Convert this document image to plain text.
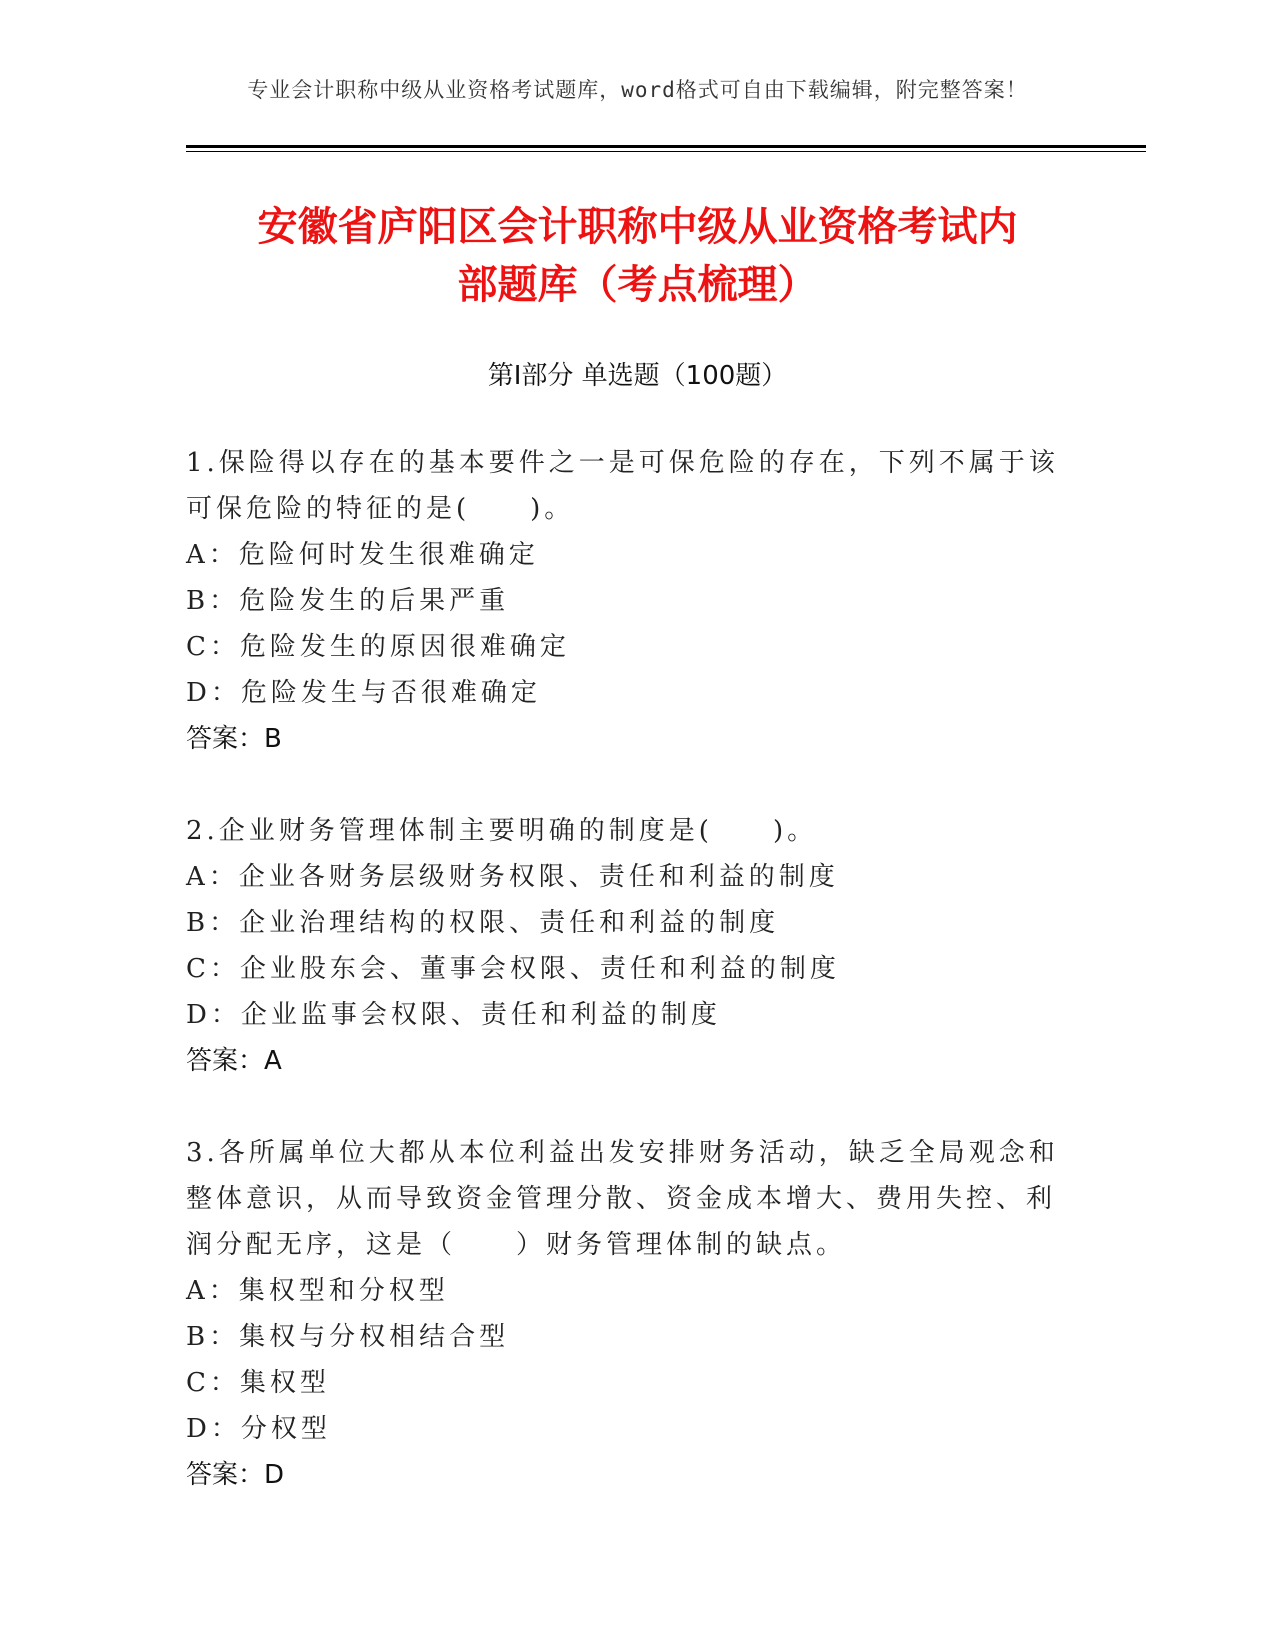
专业会计职称中级从业资格考试题库，word格式可自由下载编辑，附完整答案！
安徽省庐阳区会计职称中级从业资格考试内
部题库（考点梳理）
第Ⅰ部分 单选题（100题）
1.保险得以存在的基本要件之一是可保危险的存在，下列不属于该可保危险的特征的是(　　)。
A：危险何时发生很难确定
B：危险发生的后果严重
C：危险发生的原因很难确定
D：危险发生与否很难确定
答案：B
2.企业财务管理体制主要明确的制度是(　　)。
A：企业各财务层级财务权限、责任和利益的制度
B：企业治理结构的权限、责任和利益的制度
C：企业股东会、董事会权限、责任和利益的制度
D：企业监事会权限、责任和利益的制度
答案：A
3.各所属单位大都从本位利益出发安排财务活动，缺乏全局观念和整体意识，从而导致资金管理分散、资金成本增大、费用失控、利润分配无序，这是（　　）财务管理体制的缺点。
A：集权型和分权型
B：集权与分权相结合型
C：集权型
D：分权型
答案：D
